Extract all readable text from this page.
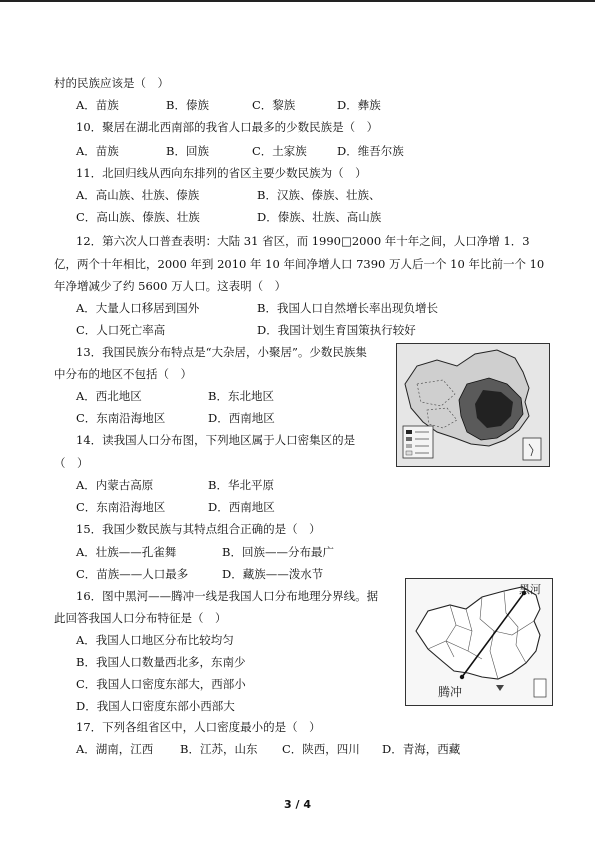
村的民族应该是（　）
A．苗族	B．傣族	C．黎族	D．彝族
10．聚居在湖北西南部的我省人口最多的少数民族是（　）
A．苗族	B．回族	C．土家族	D．维吾尔族
11．北回归线从西向东排列的省区主要少数民族为（　）
A．高山族、壮族、傣族	B．汉族、傣族、壮族、
C．高山族、傣族、壮族	D．傣族、壮族、高山族
12．第六次人口普查表明：大陆 31 省区，而 1990□2000 年十年之间，人口净增 1．3
亿，两个十年相比，2000 年到 2010 年 10 年间净增人口 7390 万人后一个 10 年比前一个 10
年净增减少了约 5600 万人口。这表明（　）
A．大量人口移居到国外	B．我国人口自然增长率出现负增长
C．人口死亡率高	D．我国计划生育国策执行较好
13．我国民族分布特点是“大杂居，小聚居”。少数民族集
中分布的地区不包括（　）
A．西北地区	B．东北地区
C．东南沿海地区	D．西南地区
14．读我国人口分布图，下列地区属于人口密集区的是
（　）
A．内蒙古高原	B．华北平原
C．东南沿海地区	D．西南地区
15．我国少数民族与其特点组合正确的是（　）
A．壮族——孔雀舞	B．回族——分布最广
C．苗族——人口最多	D．藏族——泼水节
16．图中黑河——腾冲一线是我国人口分布地理分界线。据
此回答我国人口分布特征是（　）
A．我国人口地区分布比较均匀
B．我国人口数量西北多，东南少
C．我国人口密度东部大，西部小
D．我国人口密度东部小西部大
黑河
腾冲
17．下列各组省区中，人口密度最小的是（　）
A．湖南，江西 B．江苏，山东 C．陕西，四川 D．青海，西藏
3 / 4
